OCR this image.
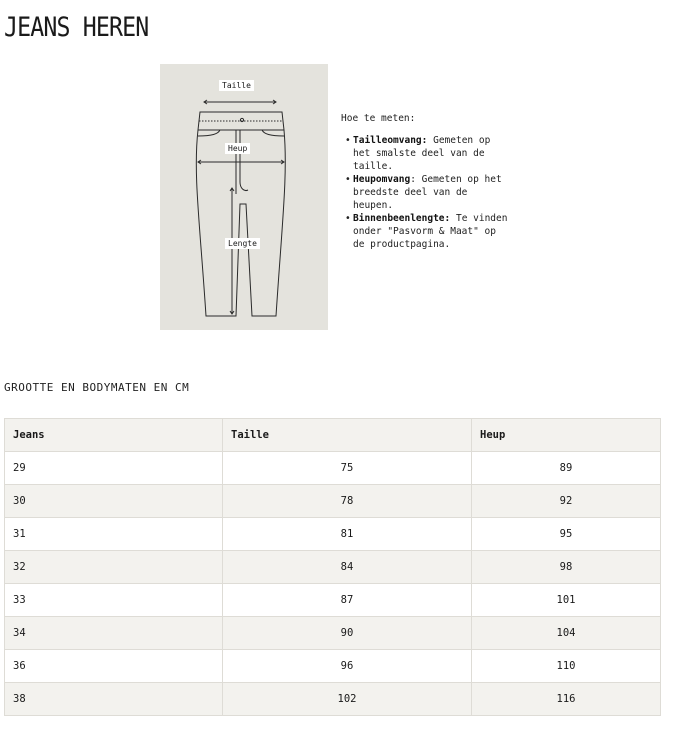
JEANS HEREN
Taille
Heup
Lengte

Hoe te meten:

• Tailleomvang: Gemeten op het smalste deel van de taille.
• Heupomvang: Gemeten op het breedste deel van de heupen.
• Binnenbeenlengte: Te vinden onder "Pasvorm & Maat" op de productpagina.
GROOTTE EN BODYMATEN EN CM
Jeans	Taille	Heup
29	75	89
30	78	92
31	81	95
32	84	98
33	87	101
34	90	104
36	96	110
38	102	116
